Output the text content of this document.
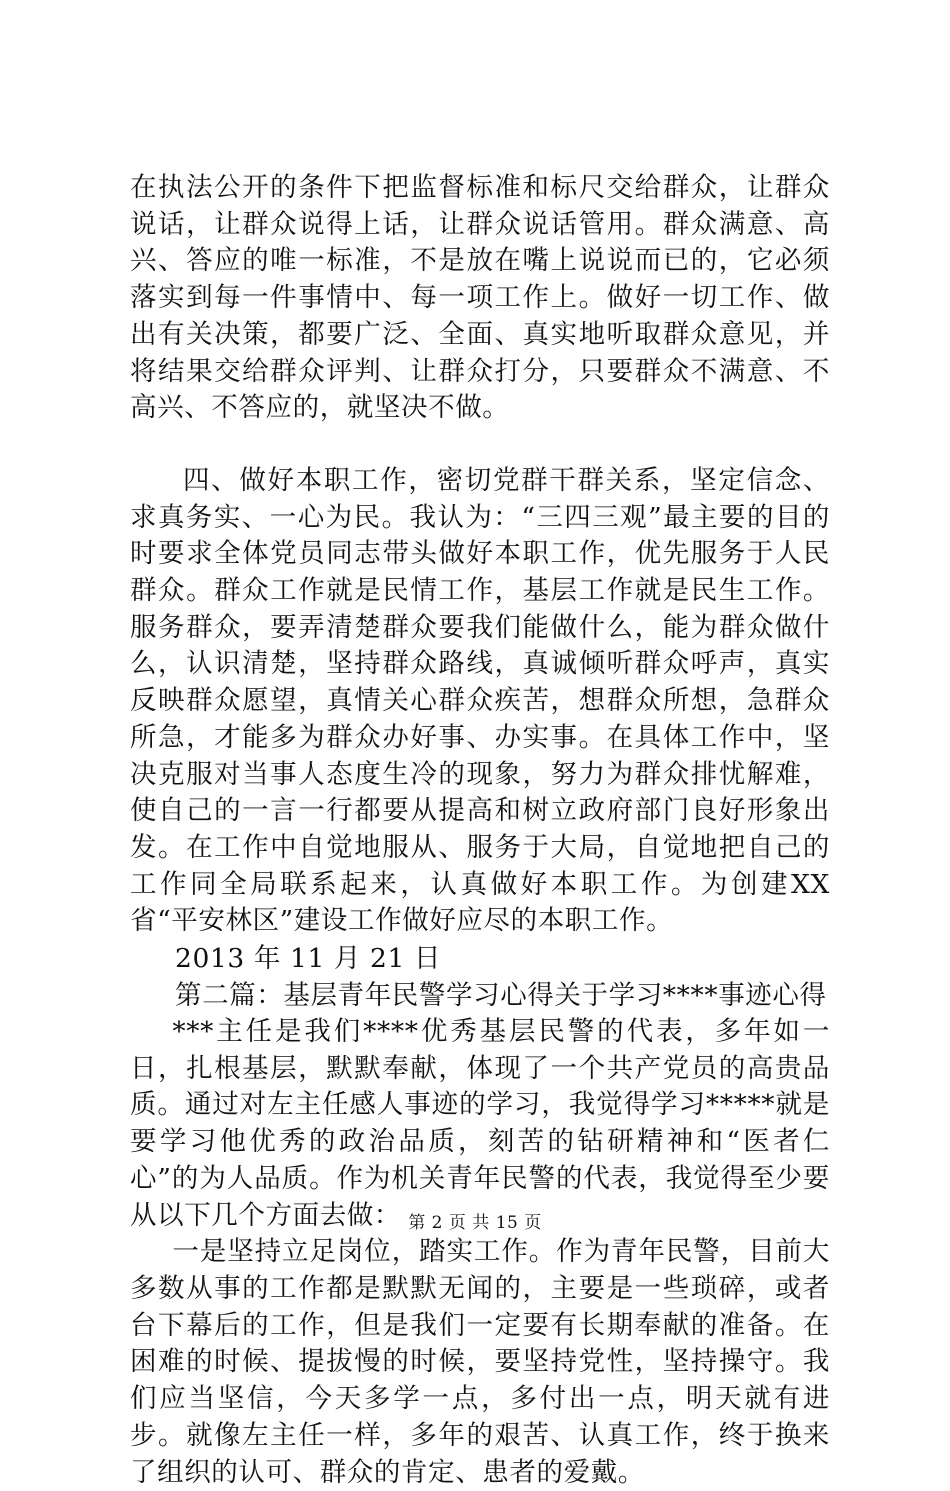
在执法公开的条件下把监督标准和标尺交给群众，让群众说话，让群众说得上话，让群众说话管用。群众满意、高兴、答应的唯一标准，不是放在嘴上说说而已的，它必须落实到每一件事情中、每一项工作上。做好一切工作、做出有关决策，都要广泛、全面、真实地听取群众意见，并将结果交给群众评判、让群众打分，只要群众不满意、不高兴、不答应的，就坚决不做。

四、做好本职工作，密切党群干群关系，坚定信念、求真务实、一心为民。我认为：“三四三观”最主要的目的时要求全体党员同志带头做好本职工作，优先服务于人民群众。群众工作就是民情工作，基层工作就是民生工作。服务群众，要弄清楚群众要我们能做什么，能为群众做什么，认识清楚，坚持群众路线，真诚倾听群众呼声，真实反映群众愿望，真情关心群众疾苦，想群众所想，急群众所急，才能多为群众办好事、办实事。在具体工作中，坚决克服对当事人态度生冷的现象，努力为群众排忧解难，使自己的一言一行都要从提高和树立政府部门良好形象出发。在工作中自觉地服从、服务于大局，自觉地把自己的工作同全局联系起来，认真做好本职工作。为创建XX省“平安林区”建设工作做好应尽的本职工作。

2013 年 11 月 21 日

第二篇：基层青年民警学习心得关于学习****事迹心得

***主任是我们****优秀基层民警的代表，多年如一日，扎根基层，默默奉献，体现了一个共产党员的高贵品质。通过对左主任感人事迹的学习，我觉得学习*****就是要学习他优秀的政治品质，刻苦的钻研精神和“医者仁心”的为人品质。作为机关青年民警的代表，我觉得至少要从以下几个方面去做：

一是坚持立足岗位，踏实工作。作为青年民警，目前大多数从事的工作都是默默无闻的，主要是一些琐碎，或者台下幕后的工作，但是我们一定要有长期奉献的准备。在困难的时候、提拔慢的时候，要坚持党性，坚持操守。我们应当坚信，今天多学一点，多付出一点，明天就有进步。就像左主任一样，多年的艰苦、认真工作，终于换来了组织的认可、群众的肯定、患者的爱戴。

第 2 页 共 15 页
